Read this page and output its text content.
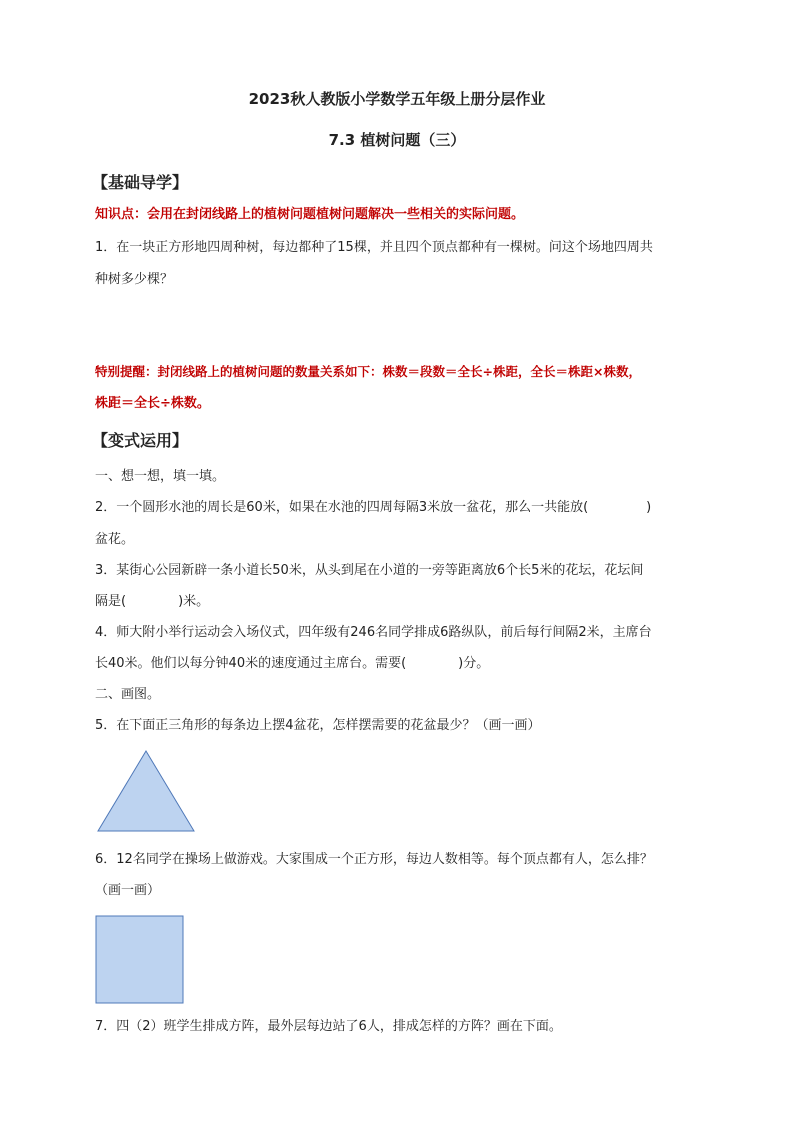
2023秋人教版小学数学五年级上册分层作业
7.3 植树问题（三）
【基础导学】
知识点：会用在封闭线路上的植树问题植树问题解决一些相关的实际问题。
1．在一块正方形地四周种树，每边都种了15棵，并且四个顶点都种有一棵树。问这个场地四周共
种树多少棵？
特别提醒：封闭线路上的植树问题的数量关系如下：株数＝段数＝全长÷株距，全长＝株距×株数，
株距＝全长÷株数。
【变式运用】
一、想一想，填一填。
2．一个圆形水池的周长是60米，如果在水池的四周每隔3米放一盆花，那么一共能放(	)
盆花。
3．某街心公园新辟一条小道长50米，从头到尾在小道的一旁等距离放6个长5米的花坛，花坛间
隔是(	)米。
4．师大附小举行运动会入场仪式，四年级有246名同学排成6路纵队，前后每行间隔2米，主席台
长40米。他们以每分钟40米的速度通过主席台。需要(	)分。
二、画图。
5．在下面正三角形的每条边上摆4盆花，怎样摆需要的花盆最少？（画一画）
6．12名同学在操场上做游戏。大家围成一个正方形，每边人数相等。每个顶点都有人，怎么排？
（画一画）
7．四（2）班学生排成方阵，最外层每边站了6人，排成怎样的方阵？画在下面。
